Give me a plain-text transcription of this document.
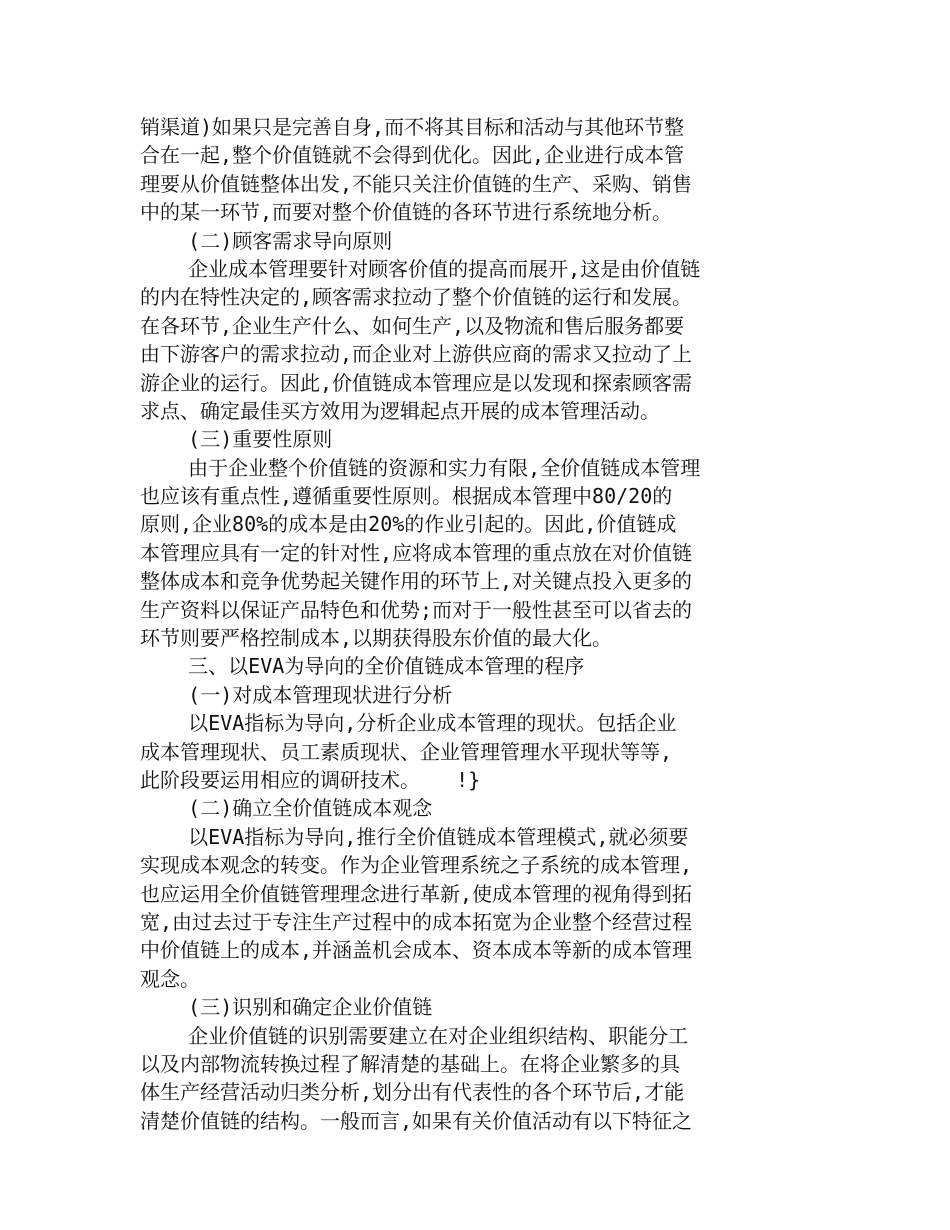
销渠道)如果只是完善自身,而不将其目标和活动与其他环节整
合在一起,整个价值链就不会得到优化。因此,企业进行成本管
理要从价值链整体出发,不能只关注价值链的生产、采购、销售
中的某一环节,而要对整个价值链的各环节进行系统地分析。
(二)顾客需求导向原则
企业成本管理要针对顾客价值的提高而展开,这是由价值链
的内在特性决定的,顾客需求拉动了整个价值链的运行和发展。
在各环节,企业生产什么、如何生产,以及物流和售后服务都要
由下游客户的需求拉动,而企业对上游供应商的需求又拉动了上
游企业的运行。因此,价值链成本管理应是以发现和探索顾客需
求点、确定最佳买方效用为逻辑起点开展的成本管理活动。
(三)重要性原则
由于企业整个价值链的资源和实力有限,全价值链成本管理
也应该有重点性,遵循重要性原则。根据成本管理中80/20的
原则,企业80%的成本是由20%的作业引起的。因此,价值链成
本管理应具有一定的针对性,应将成本管理的重点放在对价值链
整体成本和竞争优势起关键作用的环节上,对关键点投入更多的
生产资料以保证产品特色和优势;而对于一般性甚至可以省去的
环节则要严格控制成本,以期获得股东价值的最大化。
三、以EVA为导向的全价值链成本管理的程序
(一)对成本管理现状进行分析
以EVA指标为导向,分析企业成本管理的现状。包括企业
成本管理现状、员工素质现状、企业管理管理水平现状等等,
此阶段要运用相应的调研技术。   !}
(二)确立全价值链成本观念
以EVA指标为导向,推行全价值链成本管理模式,就必须要
实现成本观念的转变。作为企业管理系统之子系统的成本管理,
也应运用全价值链管理理念进行革新,使成本管理的视角得到拓
宽,由过去过于专注生产过程中的成本拓宽为企业整个经营过程
中价值链上的成本,并涵盖机会成本、资本成本等新的成本管理
观念。
(三)识别和确定企业价值链
企业价值链的识别需要建立在对企业组织结构、职能分工
以及内部物流转换过程了解清楚的基础上。在将企业繁多的具
体生产经营活动归类分析,划分出有代表性的各个环节后,才能
清楚价值链的结构。一般而言,如果有关价值活动有以下特征之
